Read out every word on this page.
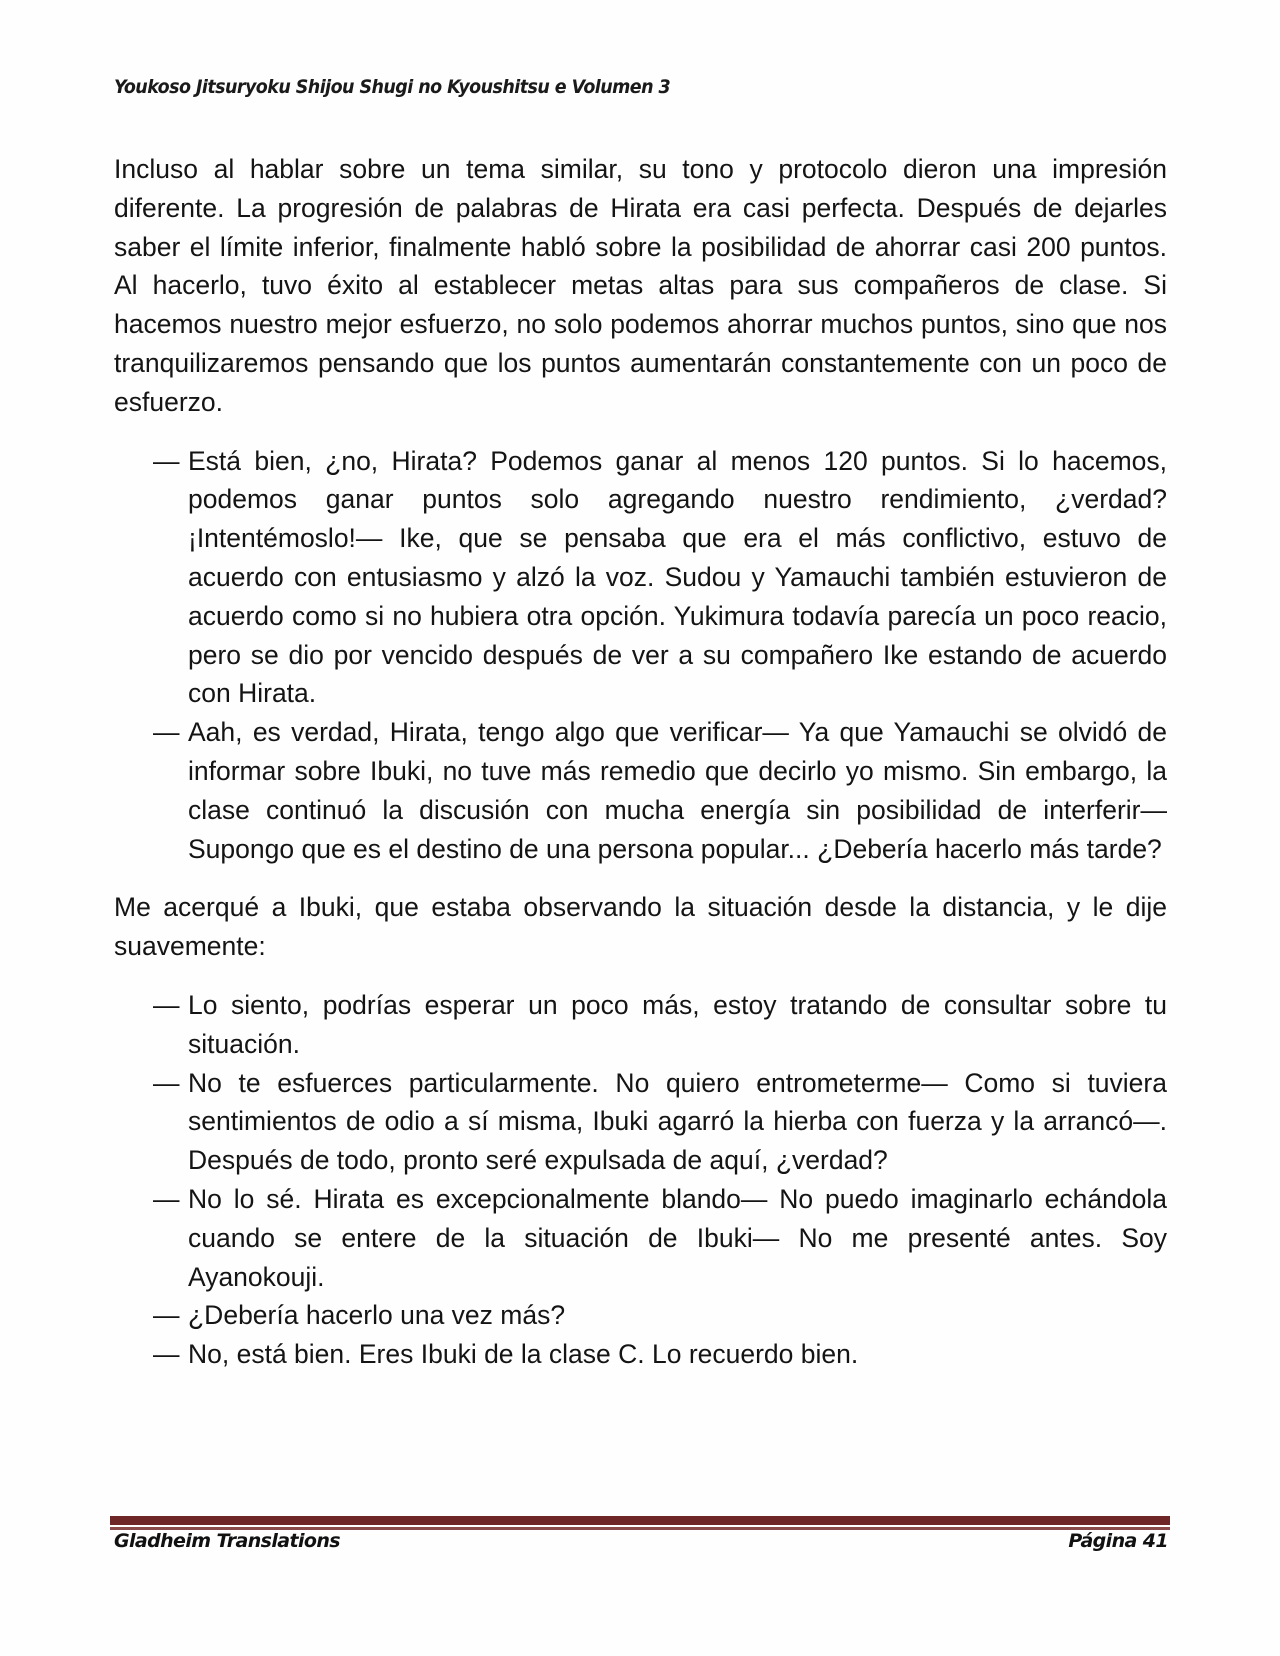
Youkoso Jitsuryoku Shijou Shugi no Kyoushitsu e Volumen 3

Incluso al hablar sobre un tema similar, su tono y protocolo dieron una impresión diferente. La progresión de palabras de Hirata era casi perfecta. Después de dejarles saber el límite inferior, finalmente habló sobre la posibilidad de ahorrar casi 200 puntos. Al hacerlo, tuvo éxito al establecer metas altas para sus compañeros de clase. Si hacemos nuestro mejor esfuerzo, no solo podemos ahorrar muchos puntos, sino que nos tranquilizaremos pensando que los puntos aumentarán constantemente con un poco de esfuerzo.

— Está bien, ¿no, Hirata? Podemos ganar al menos 120 puntos. Si lo hacemos, podemos ganar puntos solo agregando nuestro rendimiento, ¿verdad? ¡Intentémoslo!— Ike, que se pensaba que era el más conflictivo, estuvo de acuerdo con entusiasmo y alzó la voz. Sudou y Yamauchi también estuvieron de acuerdo como si no hubiera otra opción. Yukimura todavía parecía un poco reacio, pero se dio por vencido después de ver a su compañero Ike estando de acuerdo con Hirata.

— Aah, es verdad, Hirata, tengo algo que verificar— Ya que Yamauchi se olvidó de informar sobre Ibuki, no tuve más remedio que decirlo yo mismo. Sin embargo, la clase continuó la discusión con mucha energía sin posibilidad de interferir— Supongo que es el destino de una persona popular... ¿Debería hacerlo más tarde?

Me acerqué a Ibuki, que estaba observando la situación desde la distancia, y le dije suavemente:

— Lo siento, podrías esperar un poco más, estoy tratando de consultar sobre tu situación.

— No te esfuerces particularmente. No quiero entrometerme— Como si tuviera sentimientos de odio a sí misma, Ibuki agarró la hierba con fuerza y la arrancó—. Después de todo, pronto seré expulsada de aquí, ¿verdad?

— No lo sé. Hirata es excepcionalmente blando— No puedo imaginarlo echándola cuando se entere de la situación de Ibuki— No me presenté antes. Soy Ayanokouji.

— ¿Debería hacerlo una vez más?

— No, está bien. Eres Ibuki de la clase C. Lo recuerdo bien.

Gladheim Translations	Página 41
